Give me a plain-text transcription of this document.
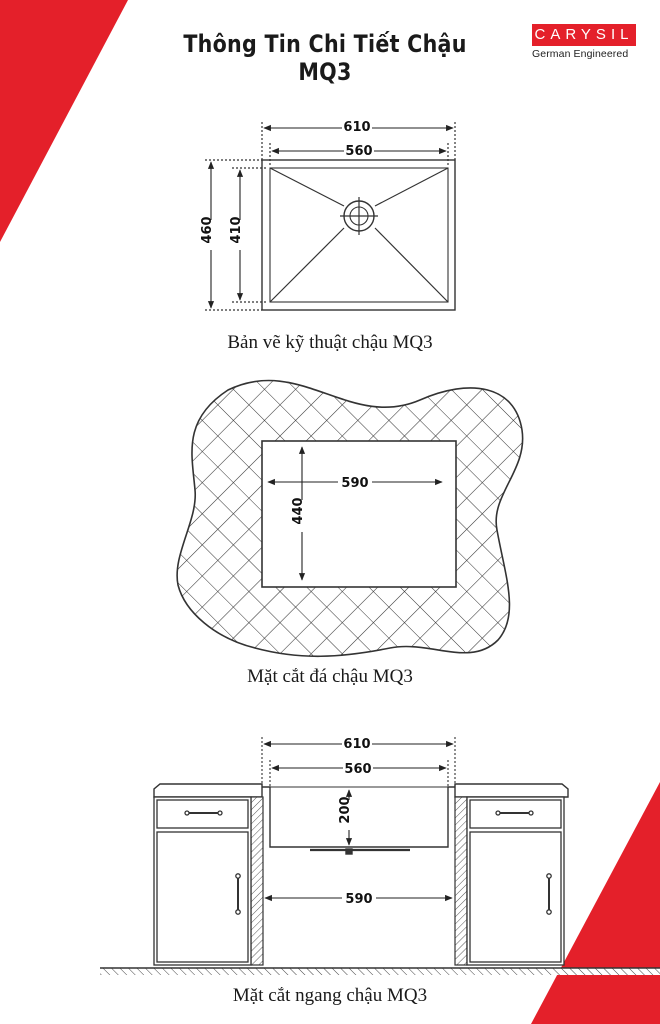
610
560
460 410
590
440
610
560
200
590
Thông Tin Chi Tiết Chậu MQ3
CARYSIL
German Engineered
Bản vẽ kỹ thuật chậu MQ3
Mặt cắt đá chậu MQ3
Mặt cắt ngang chậu MQ3
